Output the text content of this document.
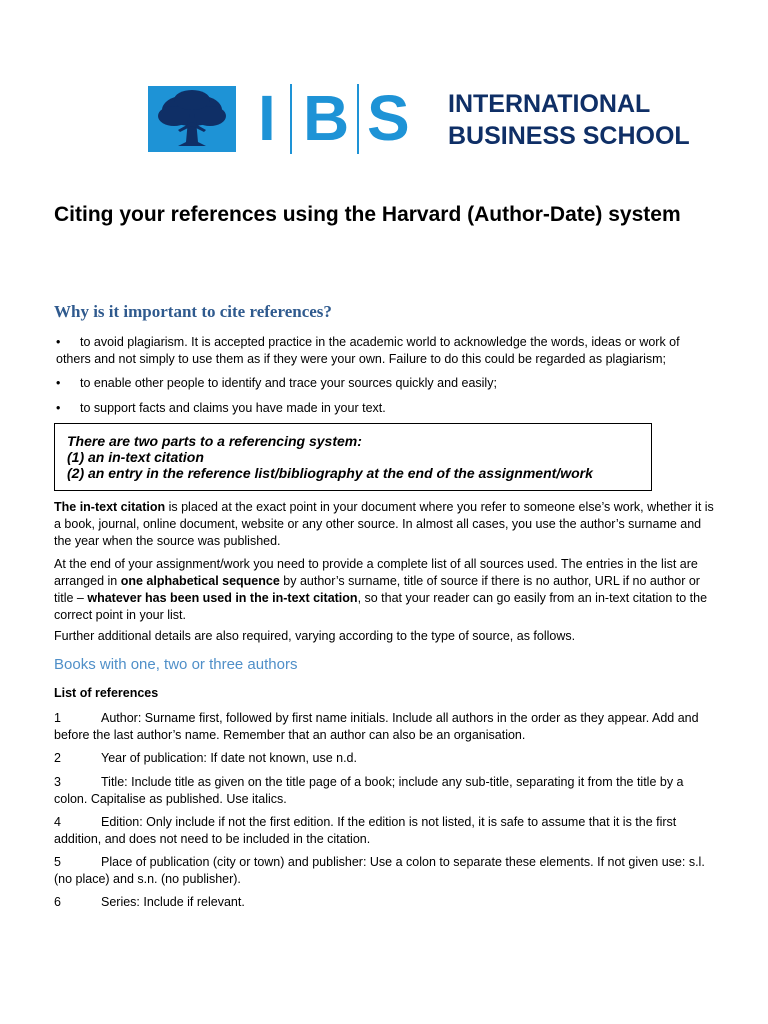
I B S INTERNATIONAL
BUSINESS SCHOOL
Citing your references using the Harvard (Author-Date) system
Why is it important to cite references?
•	to avoid plagiarism. It is accepted practice in the academic world to acknowledge the words, ideas or work of others and not simply to use them as if they were your own. Failure to do this could be regarded as plagiarism;
•	to enable other people to identify and trace your sources quickly and easily;
•	to support facts and claims you have made in your text.
There are two parts to a referencing system:
(1) an in-text citation
(2) an entry in the reference list/bibliography at the end of the assignment/work
The in-text citation is placed at the exact point in your document where you refer to someone else’s work, whether it is a book, journal, online document, website or any other source. In almost all cases, you use the author’s surname and the year when the source was published.
At the end of your assignment/work you need to provide a complete list of all sources used. The entries in the list are arranged in one alphabetical sequence by author’s surname, title of source if there is no author, URL if no author or title – whatever has been used in the in-text citation, so that your reader can go easily from an in-text citation to the correct point in your list.
Further additional details are also required, varying according to the type of source, as follows.
Books with one, two or three authors
List of references
1	Author: Surname first, followed by first name initials. Include all authors in the order as they appear. Add and before the last author’s name. Remember that an author can also be an organisation.
2	Year of publication: If date not known, use n.d.
3	Title: Include title as given on the title page of a book; include any sub-title, separating it from the title by a colon. Capitalise as published. Use italics.
4	Edition: Only include if not the first edition. If the edition is not listed, it is safe to assume that it is the first addition, and does not need to be included in the citation.
5	Place of publication (city or town) and publisher: Use a colon to separate these elements. If not given use: s.l. (no place) and s.n. (no publisher).
6	Series: Include if relevant.
